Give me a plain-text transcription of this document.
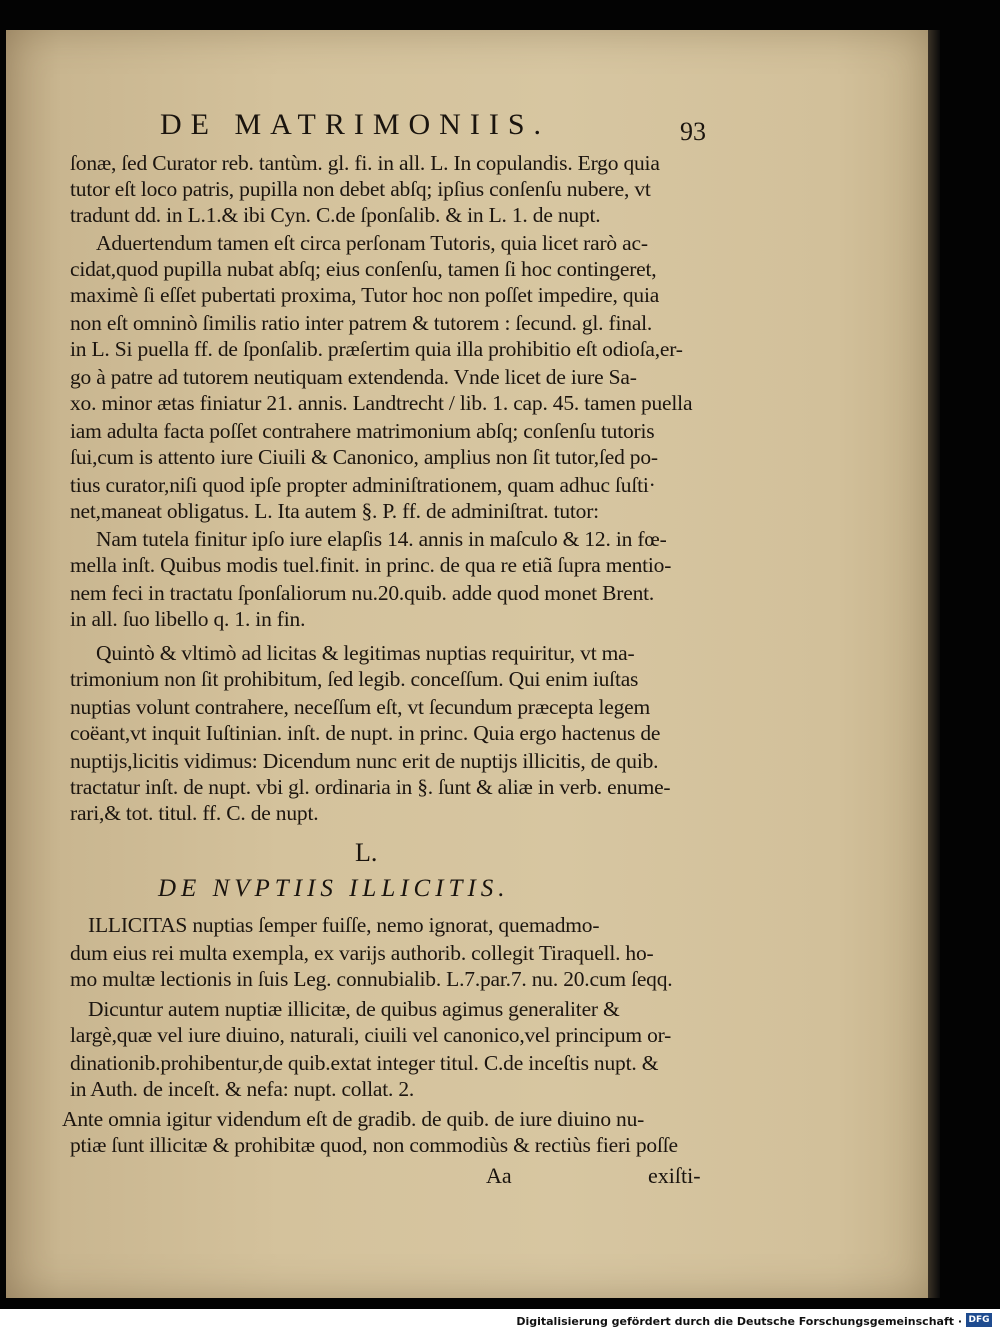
DE MATRIMONIIS.	93
ſonæ, ſed Curator reb. tantùm. gl. fi. in all. L. In copulandis. Ergo quia
tutor eſt loco patris, pupilla non debet abſq; ipſius conſenſu nubere, vt
tradunt dd. in L.1.& ibi Cyn. C.de ſponſalib. & in L. 1. de nupt.
Aduertendum tamen eſt circa perſonam Tutoris, quia licet rarò ac-
cidat,quod pupilla nubat abſq; eius conſenſu, tamen ſi hoc contingeret,
maximè ſi eſſet pubertati proxima, Tutor hoc non poſſet impedire, quia
non eſt omninò ſimilis ratio inter patrem & tutorem : ſecund. gl. final.
in L. Si puella ff. de ſponſalib. præſertim quia illa prohibitio eſt odioſa,er-
go à patre ad tutorem neutiquam extendenda. Vnde licet de iure Sa-
xo. minor ætas finiatur 21. annis. Landtrecht / lib. 1. cap. 45. tamen puella
iam adulta facta poſſet contrahere matrimonium abſq; conſenſu tutoris
ſui,cum is attento iure Ciuili & Canonico, amplius non ſit tutor,ſed po-
tius curator,niſi quod ipſe propter adminiſtrationem, quam adhuc ſuſti·
net,maneat obligatus. L. Ita autem §. P. ff. de adminiſtrat. tutor:
Nam tutela finitur ipſo iure elapſis 14. annis in maſculo & 12. in fœ-
mella inſt. Quibus modis tuel.finit. in princ. de qua re etiã ſupra mentio-
nem feci in tractatu ſponſaliorum nu.20.quib. adde quod monet Brent.
in all. ſuo libello q. 1. in fin.
Quintò & vltimò ad licitas & legitimas nuptias requiritur, vt ma-
trimonium non ſit prohibitum, ſed legib. conceſſum. Qui enim iuſtas
nuptias volunt contrahere, neceſſum eſt, vt ſecundum præcepta legem
coëant,vt inquit Iuſtinian. inſt. de nupt. in princ. Quia ergo hactenus de
nuptijs,licitis vidimus: Dicendum nunc erit de nuptijs illicitis, de quib.
tractatur inſt. de nupt. vbi gl. ordinaria in §. ſunt & aliæ in verb. enume-
rari,& tot. titul. ff. C. de nupt.
L.
DE NVPTIIS ILLICITIS.
ILLICITAS nuptias ſemper fuiſſe, nemo ignorat, quemadmo-
dum eius rei multa exempla, ex varijs authorib. collegit Tiraquell. ho-
mo multæ lectionis in ſuis Leg. connubialib. L.7.par.7. nu. 20.cum ſeqq.
Dicuntur autem nuptiæ illicitæ, de quibus agimus generaliter &
largè,quæ vel iure diuino, naturali, ciuili vel canonico,vel principum or-
dinationib.prohibentur,de quib.extat integer titul. C.de inceſtis nupt. &
in Auth. de inceſt. & nefa: nupt. collat. 2.
Ante omnia igitur videndum eſt de gradib. de quib. de iure diuino nu-
ptiæ ſunt illicitæ & prohibitæ quod, non commodiùs & rectiùs fieri poſſe
Aa	exiſti-
Digitalisierung gefördert durch die Deutsche Forschungsgemeinschaft · DFG
